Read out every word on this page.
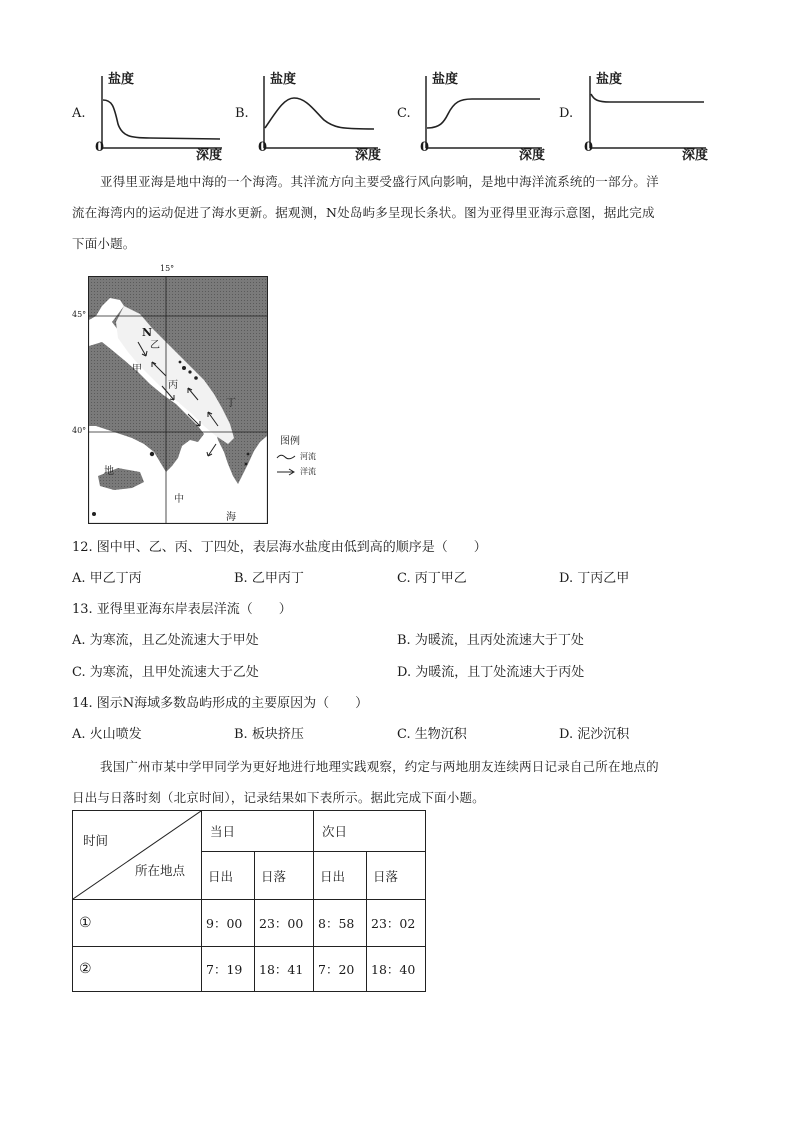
A.
盐度
0
深度
B.
盐度
0
深度
C.
盐度
0
深度
D.
盐度
0
深度
亚得里亚海是地中海的一个海湾。其洋流方向主要受盛行风向影响，是地中海洋流系统的一部分。洋
流在海湾内的运动促进了海水更新。据观测，N处岛屿多呈现长条状。图为亚得里亚海示意图，据此完成
下面小题。
15°
45°
40°
N
甲
乙
丙
丁
地
中
海
图例
河流
洋流
12. 图中甲、乙、丙、丁四处，表层海水盐度由低到高的顺序是（　　）
A. 甲乙丁丙	B. 乙甲丙丁	C. 丙丁甲乙	D. 丁丙乙甲
13. 亚得里亚海东岸表层洋流（　　）
A. 为寒流，且乙处流速大于甲处	B. 为暖流，且丙处流速大于丁处
C. 为寒流，且甲处流速大于乙处	D. 为暖流，且丁处流速大于丙处
14. 图示N海域多数岛屿形成的主要原因为（　　）
A. 火山喷发	B. 板块挤压	C. 生物沉积	D. 泥沙沉积
我国广州市某中学甲同学为更好地进行地理实践观察，约定与两地朋友连续两日记录自己所在地点的
日出与日落时刻（北京时间），记录结果如下表所示。据此完成下面小题。
时间
所在地点	当日		次日	
	日出	日落	日出	日落
①	9：00	23：00	8：58	23：02
②	7：19	18：41	7：20	18：40
